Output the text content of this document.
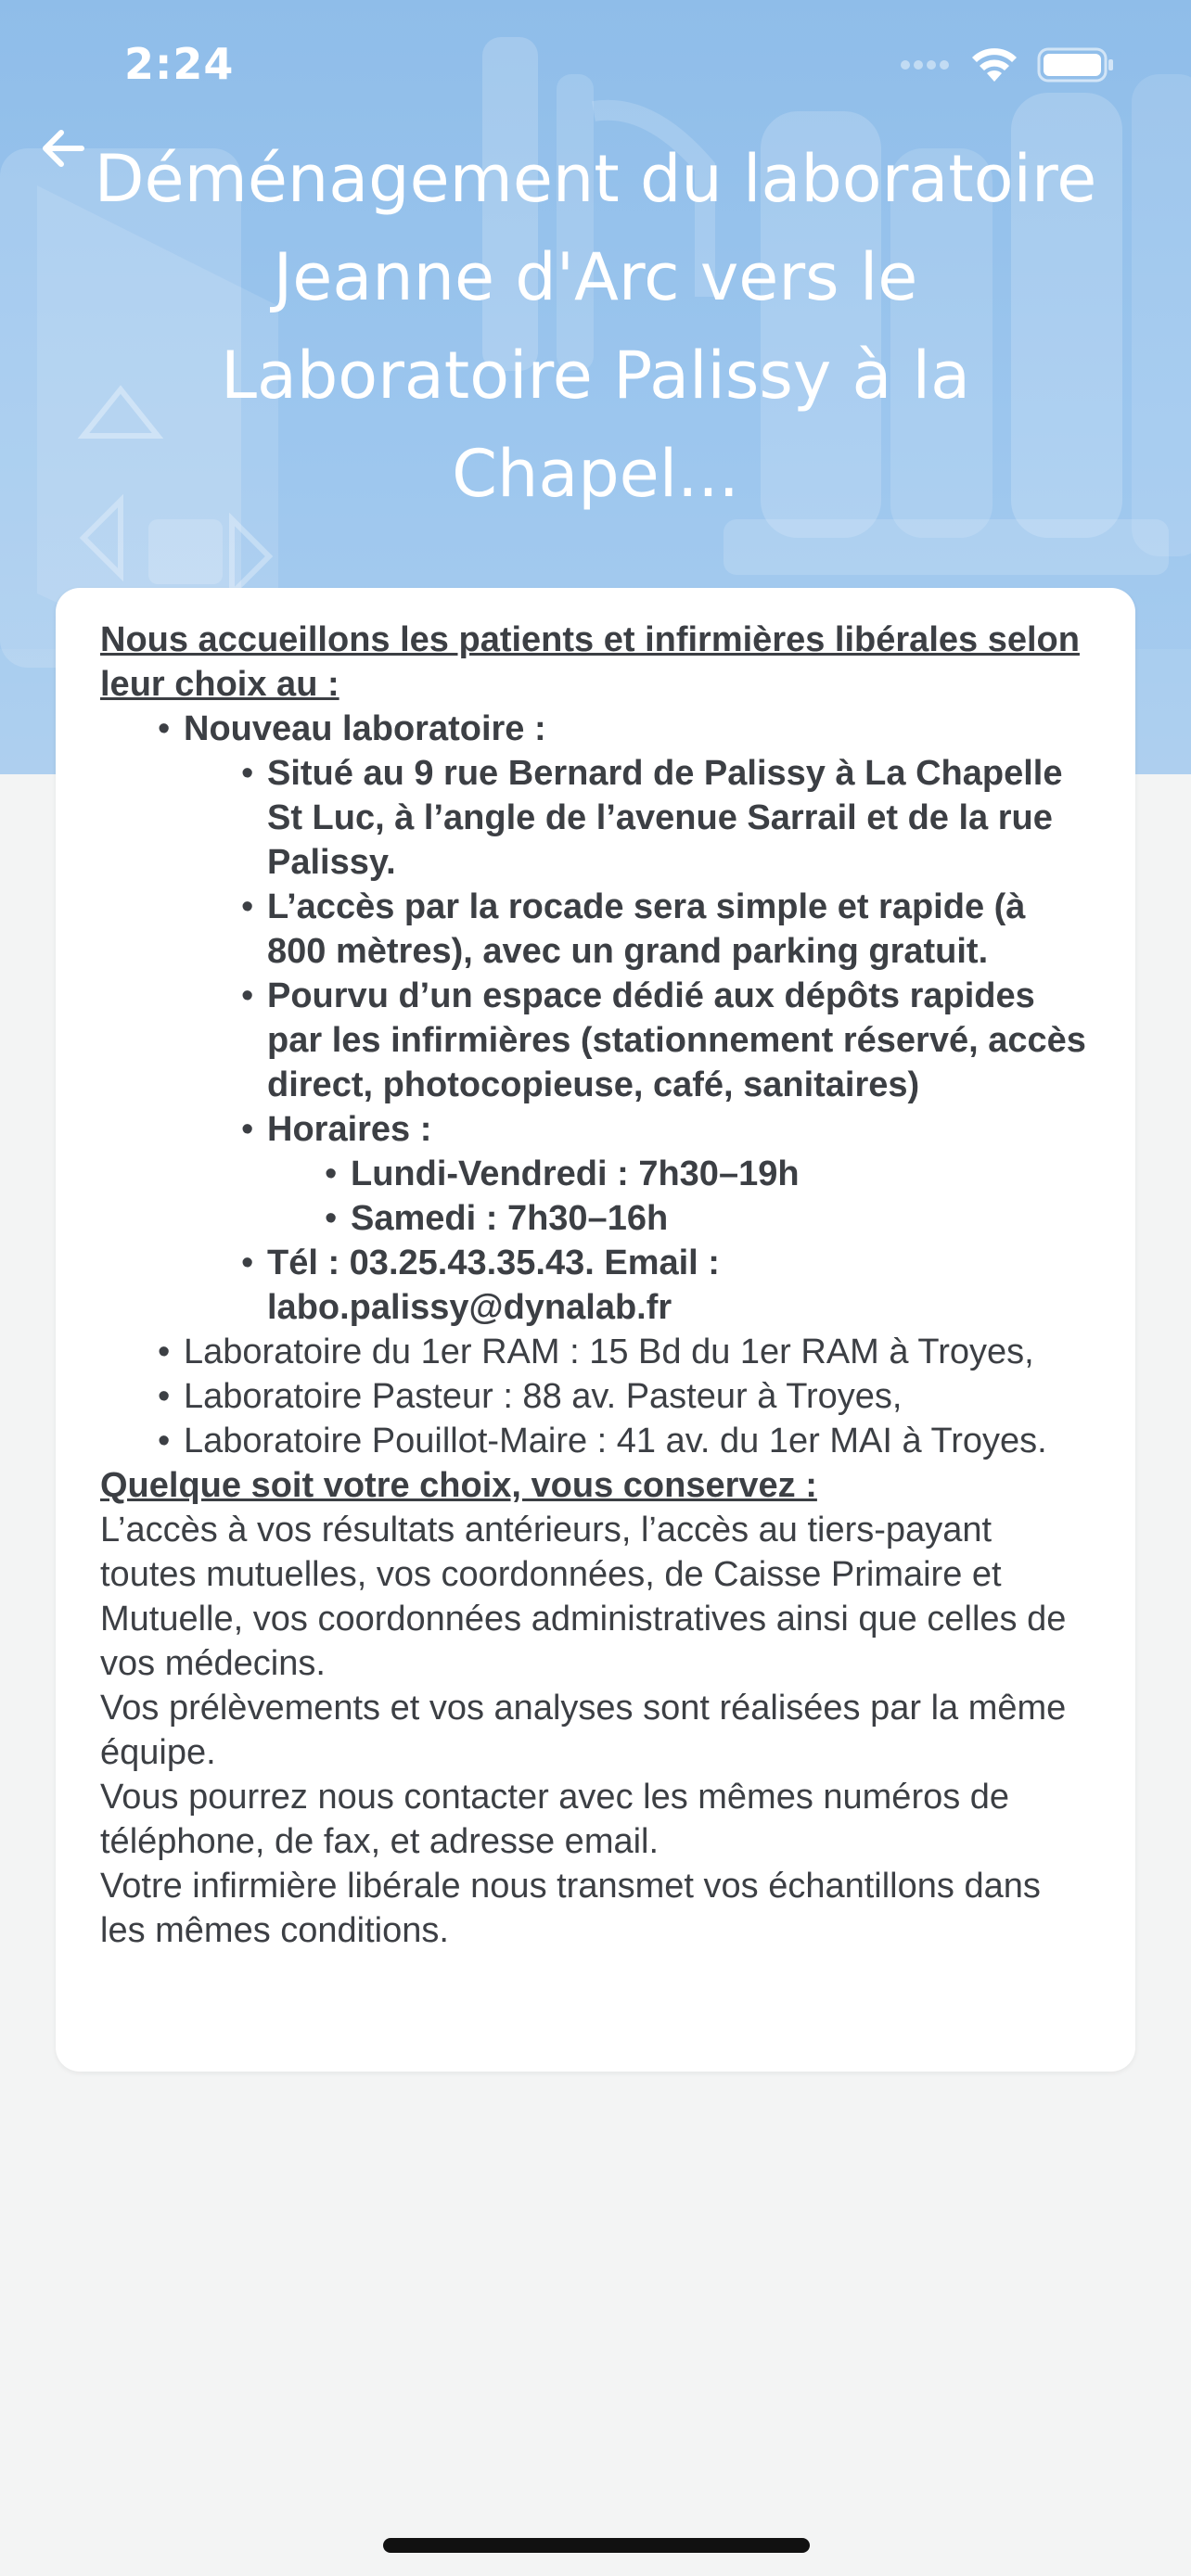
2:24
Déménagement du laboratoire Jeanne d'Arc vers le Laboratoire Palissy à la Chapel...
Nous accueillons les patients et infirmières libérales selon leur choix au :
• Nouveau laboratoire :
• Situé au 9 rue Bernard de Palissy à La Chapelle St Luc, à l’angle de l’avenue Sarrail et de la rue Palissy.
• L’accès par la rocade sera simple et rapide (à 800 mètres), avec un grand parking gratuit.
• Pourvu d’un espace dédié aux dépôts rapides par les infirmières (stationnement réservé, accès direct, photocopieuse, café, sanitaires)
• Horaires :
• Lundi-Vendredi : 7h30–19h
• Samedi : 7h30–16h
• Tél : 03.25.43.35.43. Email : labo.palissy@dynalab.fr
• Laboratoire du 1er RAM : 15 Bd du 1er RAM à Troyes,
• Laboratoire Pasteur : 88 av. Pasteur à Troyes,
• Laboratoire Pouillot-Maire : 41 av. du 1er MAI à Troyes.
Quelque soit votre choix, vous conservez :
L’accès à vos résultats antérieurs, l’accès au tiers-payant toutes mutuelles, vos coordonnées, de Caisse Primaire et Mutuelle, vos coordonnées administratives ainsi que celles de vos médecins.
Vos prélèvements et vos analyses sont réalisées par la même équipe.
Vous pourrez nous contacter avec les mêmes numéros de téléphone, de fax, et adresse email.
Votre infirmière libérale nous transmet vos échantillons dans les mêmes conditions.
